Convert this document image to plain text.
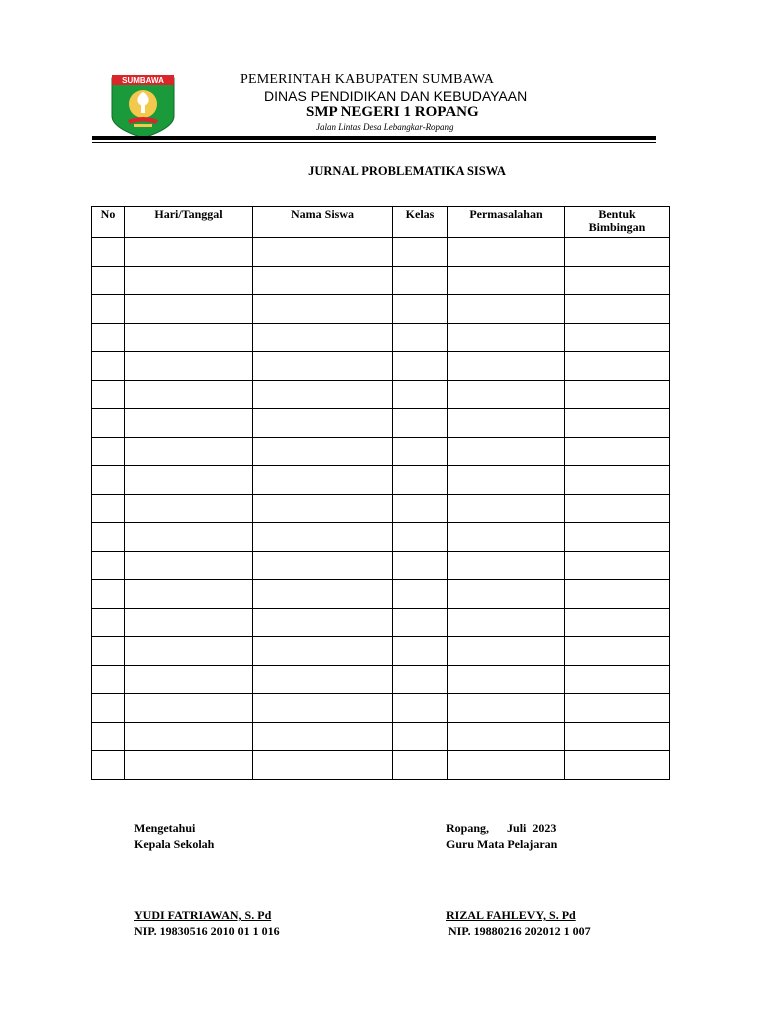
SUMBAWA	PEMERINTAH KABUPATEN SUMBAWA
DINAS PENDIDIKAN DAN KEBUDAYAAN
SMP NEGERI 1 ROPANG
Jalan Lintas Desa Lebangkar-Ropang
JURNAL PROBLEMATIKA SISWA
No	Hari/Tanggal	Nama Siswa	Kelas	Permasalahan	Bentuk
Bimbingan

Mengetahui
Kepala Sekolah
YUDI FATRIAWAN, S. Pd
NIP. 19830516 2010 01 1 016
Ropang,      Juli  2023
Guru Mata Pelajaran
RIZAL FAHLEVY, S. Pd
NIP. 19880216 202012 1 007
